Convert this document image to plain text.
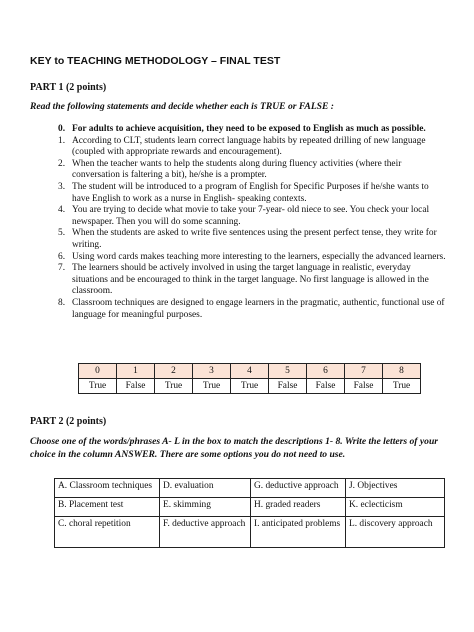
KEY to TEACHING METHODOLOGY – FINAL TEST
PART 1 (2 points)
Read the following statements and decide whether each is TRUE or FALSE :
0. For adults to achieve acquisition, they need to be exposed to English as much as possible.
1. According to CLT, students learn correct language habits by repeated drilling of new language (coupled with appropriate rewards and encouragement).
2. When the teacher wants to help the students along during fluency activities (where their conversation is faltering a bit), he/she is a prompter.
3. The student will be introduced to a program of English for Specific Purposes if he/she wants to have English to work as a nurse in English- speaking contexts.
4. You are trying to decide what movie to take your 7-year- old niece to see. You check your local newspaper. Then you will do some scanning.
5. When the students are asked to write five sentences using the present perfect tense, they write for writing.
6. Using word cards makes teaching more interesting to the learners, especially the advanced learners.
7. The learners should be actively involved in using the target language in realistic, everyday situations and be encouraged to think in the target language. No first language is allowed in the classroom.
8. Classroom techniques are designed to engage learners in the pragmatic, authentic, functional use of language for meaningful purposes.
0	1	2	3	4	5	6	7	8
True	False	True	True	True	False	False	False	True
PART 2 (2 points)
Choose one of the words/phrases A- L in the box to match the descriptions 1- 8. Write the letters of your choice in the column ANSWER. There are some options you do not need to use.
A. Classroom techniques	D. evaluation	G. deductive approach	J. Objectives
B. Placement test	E. skimming	H. graded readers	K. eclecticism
C. choral repetition	F. deductive approach	I. anticipated problems	L. discovery approach
